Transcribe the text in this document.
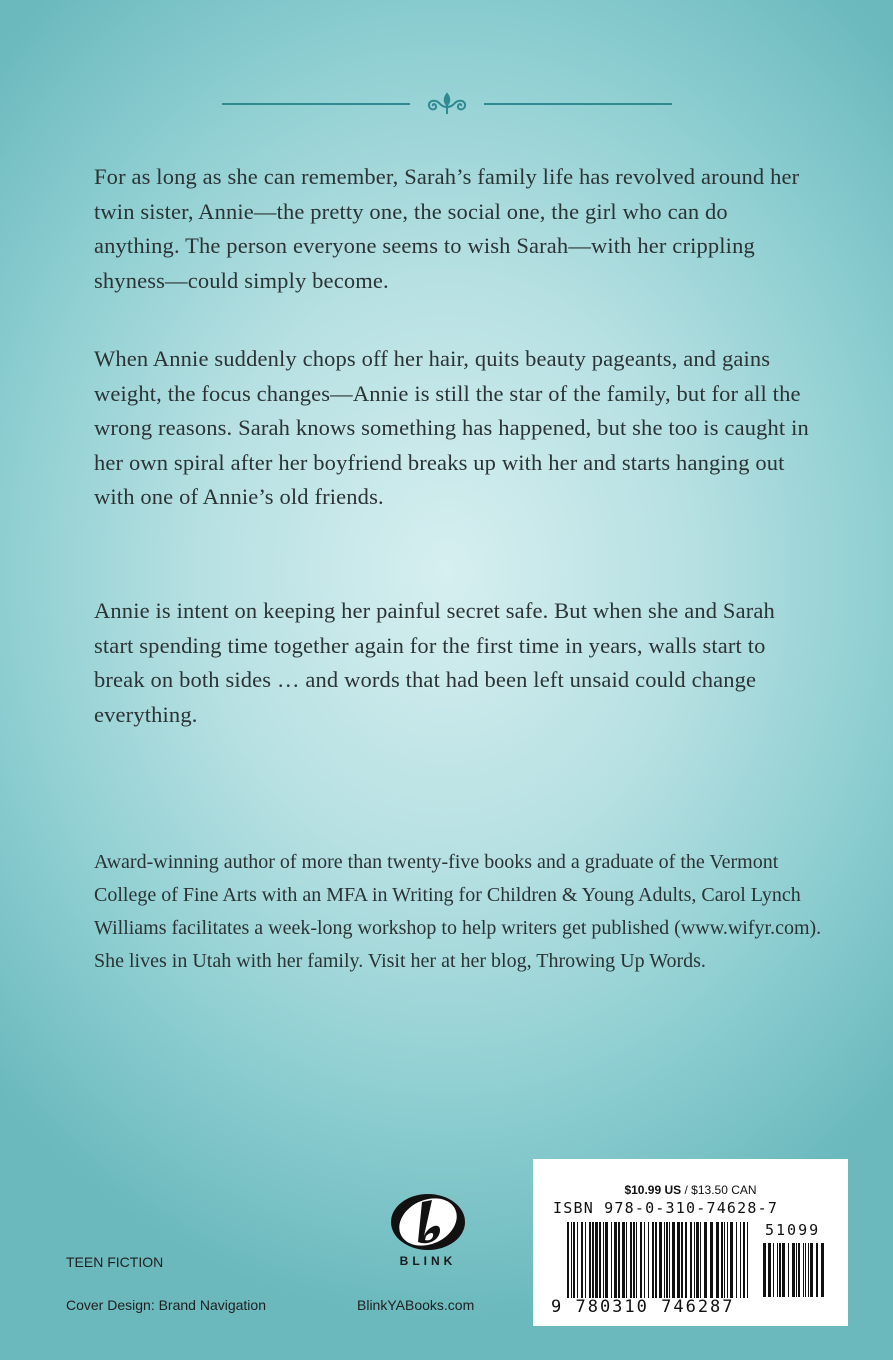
For as long as she can remember, Sarah’s family life has revolved around her twin sister, Annie—the pretty one, the social one, the girl who can do anything. The person everyone seems to wish Sarah—with her crippling shyness—could simply become.

When Annie suddenly chops off her hair, quits beauty pageants, and gains weight, the focus changes—Annie is still the star of the family, but for all the wrong reasons. Sarah knows something has happened, but she too is caught in her own spiral after her boyfriend breaks up with her and starts hanging out with one of Annie’s old friends.

Annie is intent on keeping her painful secret safe. But when she and Sarah start spending time together again for the first time in years, walls start to break on both sides … and words that had been left unsaid could change everything.

Award-winning author of more than twenty-five books and a graduate of the Vermont College of Fine Arts with an MFA in Writing for Children & Young Adults, Carol Lynch Williams facilitates a week-long workshop to help writers get published (www.wifyr.com). She lives in Utah with her family. Visit her at her blog, Throwing Up Words.

TEEN FICTION
Cover Design: Brand Navigation	BlinkYABooks.com
BLINK
$10.99 US / $13.50 CAN
ISBN 978-0-310-74628-7
51099
9 780310 746287
